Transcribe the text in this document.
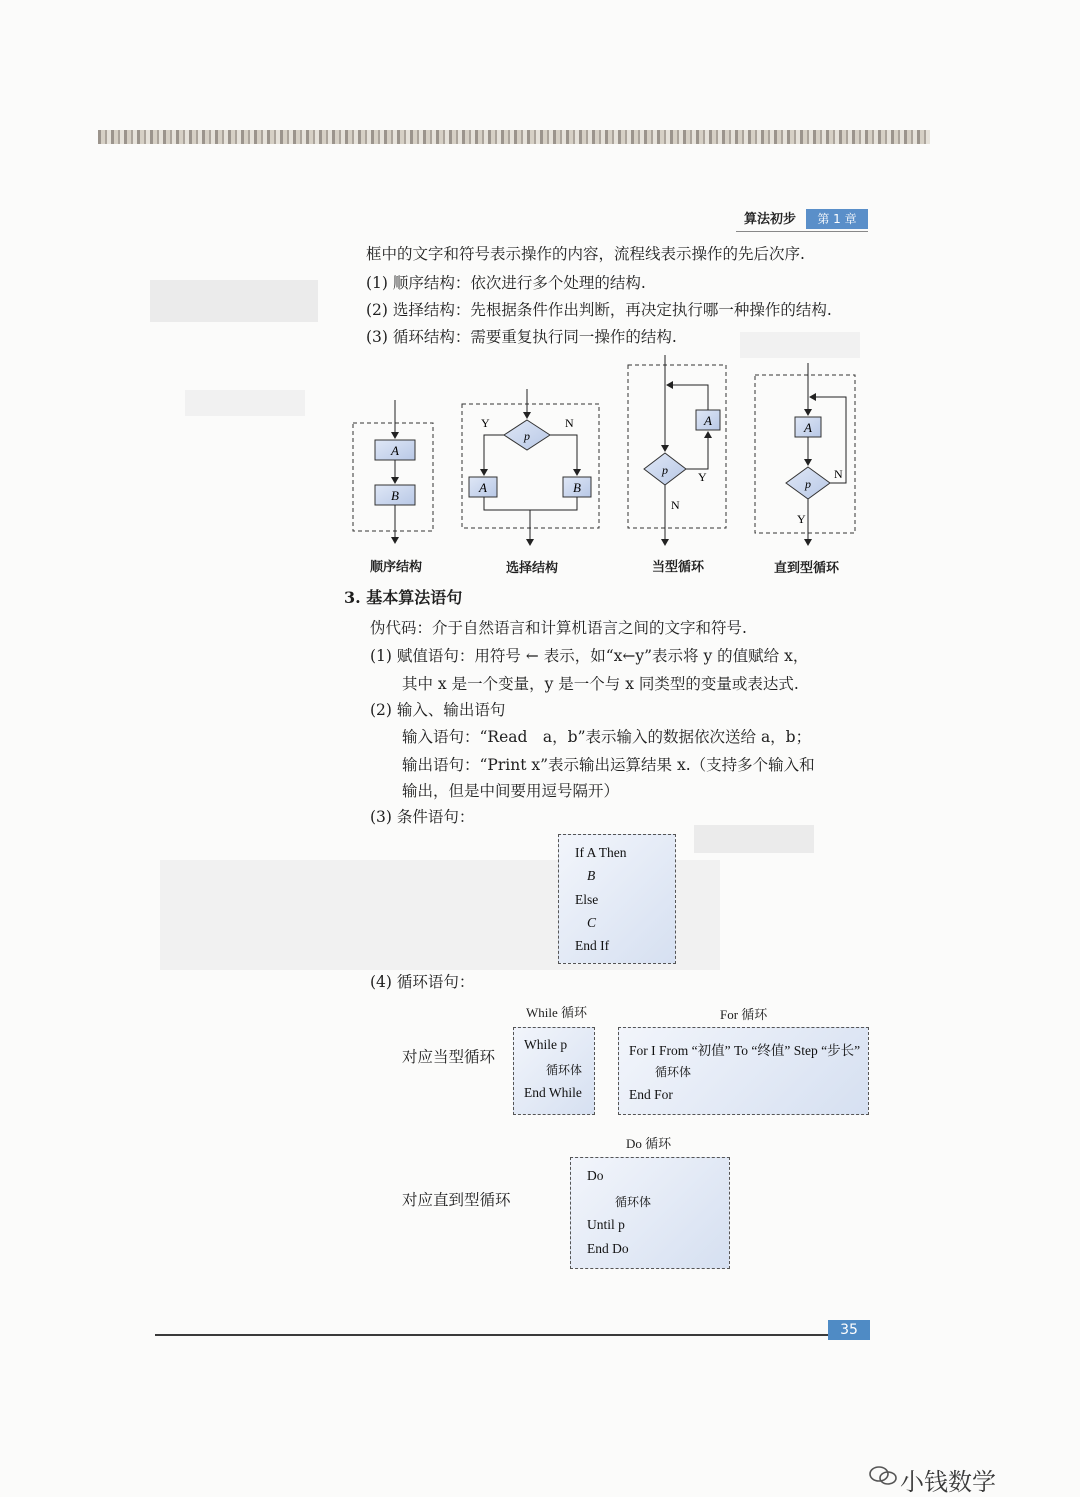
算法初步	第 1 章
框中的文字和符号表示操作的内容，流程线表示操作的先后次序.
(1) 顺序结构：依次进行多个处理的结构.
(2) 选择结构：先根据条件作出判断，再决定执行哪一种操作的结构.
(3) 循环结构：需要重复执行同一操作的结构.
A
B
p
Y	N
A	B
p	Y
A
N
A
p
N
Y
顺序结构	选择结构	当型循环	直到型循环
3. 基本算法语句
伪代码：介于自然语言和计算机语言之间的文字和符号.
(1) 赋值语句：用符号 ← 表示，如“x←y”表示将 y 的值赋给 x，
其中 x 是一个变量，y 是一个与 x 同类型的变量或表达式.
(2) 输入、输出语句
输入语句：“Read　a，b”表示输入的数据依次送给 a，b；
输出语句：“Print x”表示输出运算结果 x.（支持多个输入和
输出，但是中间要用逗号隔开）
(3) 条件语句：
If A Then
B
Else
C
End If
(4) 循环语句：
While 循环	For 循环
对应当型循环
While p
循环体
End While
For I From “初值” To “终值” Step “步长”
循环体
End For
Do 循环
对应直到型循环
Do
循环体
Until p
End Do
35
小钱数学
